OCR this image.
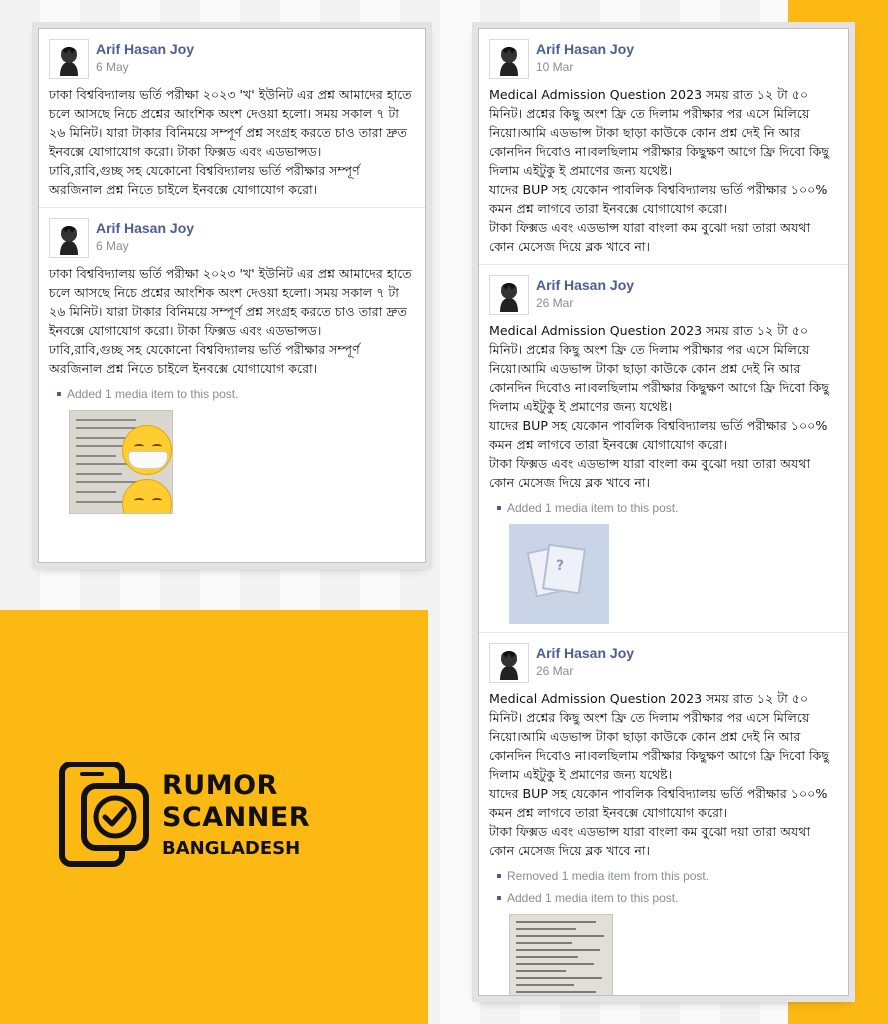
Arif Hasan Joy
6 May
ঢাকা বিশ্ববিদ্যালয় ভর্তি পরীক্ষা ২০২৩ 'খ' ইউনিট এর প্রশ্ন আমাদের হাতে চলে আসছে নিচে প্রশ্নের আংশিক অংশ দেওয়া হলো। সময় সকাল ৭ টা ২৬ মিনিট। যারা টাকার বিনিময়ে সম্পূর্ণ প্রশ্ন সংগ্রহ করতে চাও তারা দ্রুত ইনবক্সে যোগাযোগ করো। টাকা ফিক্সড এবং এডভান্সড।
ঢাবি,রাবি,গুচ্ছ সহ যেকোনো বিশ্ববিদ্যালয় ভর্তি পরীক্ষার সম্পূর্ণ অরজিনাল প্রশ্ন নিতে চাইলে ইনবক্সে যোগাযোগ করো।
Arif Hasan Joy
6 May
ঢাকা বিশ্ববিদ্যালয় ভর্তি পরীক্ষা ২০২৩ 'খ' ইউনিট এর প্রশ্ন আমাদের হাতে চলে আসছে নিচে প্রশ্নের আংশিক অংশ দেওয়া হলো। সময় সকাল ৭ টা ২৬ মিনিট। যারা টাকার বিনিময়ে সম্পূর্ণ প্রশ্ন সংগ্রহ করতে চাও তারা দ্রুত ইনবক্সে যোগাযোগ করো। টাকা ফিক্সড এবং এডভান্সড।
ঢাবি,রাবি,গুচ্ছ সহ যেকোনো বিশ্ববিদ্যালয় ভর্তি পরীক্ষার সম্পূর্ণ অরজিনাল প্রশ্ন নিতে চাইলে ইনবক্সে যোগাযোগ করো।
Added 1 media item to this post.
Arif Hasan Joy
10 Mar
Medical Admission Question 2023 সময় রাত ১২ টা ৫০ মিনিট। প্রশ্নের কিছু অংশ ফ্রি তে দিলাম পরীক্ষার পর এসে মিলিয়ে নিয়ো।আমি এডভান্স টাকা ছাড়া কাউকে কোন প্রশ্ন দেই নি আর কোনদিন দিবোও না।বলছিলাম পরীক্ষার কিছুক্ষণ আগে ফ্রি দিবো কিছু দিলাম এইটুকু ই প্রমাণের জন্য যথেষ্ট।
যাদের BUP সহ যেকোন পাবলিক বিশ্ববিদ্যালয় ভর্তি পরীক্ষার ১০০% কমন প্রশ্ন লাগবে তারা ইনবক্সে যোগাযোগ করো।
টাকা ফিক্সড এবং এডভান্স যারা বাংলা কম বুঝো দয়া তারা অযথা কোন মেসেজ দিয়ে ব্লক খাবে না।
Arif Hasan Joy
26 Mar
Medical Admission Question 2023 সময় রাত ১২ টা ৫০ মিনিট। প্রশ্নের কিছু অংশ ফ্রি তে দিলাম পরীক্ষার পর এসে মিলিয়ে নিয়ো।আমি এডভান্স টাকা ছাড়া কাউকে কোন প্রশ্ন দেই নি আর কোনদিন দিবোও না।বলছিলাম পরীক্ষার কিছুক্ষণ আগে ফ্রি দিবো কিছু দিলাম এইটুকু ই প্রমাণের জন্য যথেষ্ট।
যাদের BUP সহ যেকোন পাবলিক বিশ্ববিদ্যালয় ভর্তি পরীক্ষার ১০০% কমন প্রশ্ন লাগবে তারা ইনবক্সে যোগাযোগ করো।
টাকা ফিক্সড এবং এডভান্স যারা বাংলা কম বুঝো দয়া তারা অযথা কোন মেসেজ দিয়ে ব্লক খাবে না।
Added 1 media item to this post.
?
Arif Hasan Joy
26 Mar
Medical Admission Question 2023 সময় রাত ১২ টা ৫০ মিনিট। প্রশ্নের কিছু অংশ ফ্রি তে দিলাম পরীক্ষার পর এসে মিলিয়ে নিয়ো।আমি এডভান্স টাকা ছাড়া কাউকে কোন প্রশ্ন দেই নি আর কোনদিন দিবোও না।বলছিলাম পরীক্ষার কিছুক্ষণ আগে ফ্রি দিবো কিছু দিলাম এইটুকু ই প্রমাণের জন্য যথেষ্ট।
যাদের BUP সহ যেকোন পাবলিক বিশ্ববিদ্যালয় ভর্তি পরীক্ষার ১০০% কমন প্রশ্ন লাগবে তারা ইনবক্সে যোগাযোগ করো।
টাকা ফিক্সড এবং এডভান্স যারা বাংলা কম বুঝো দয়া তারা অযথা কোন মেসেজ দিয়ে ব্লক খাবে না।
Removed 1 media item from this post.
Added 1 media item to this post.
RUMOR
SCANNER
BANGLADESH
